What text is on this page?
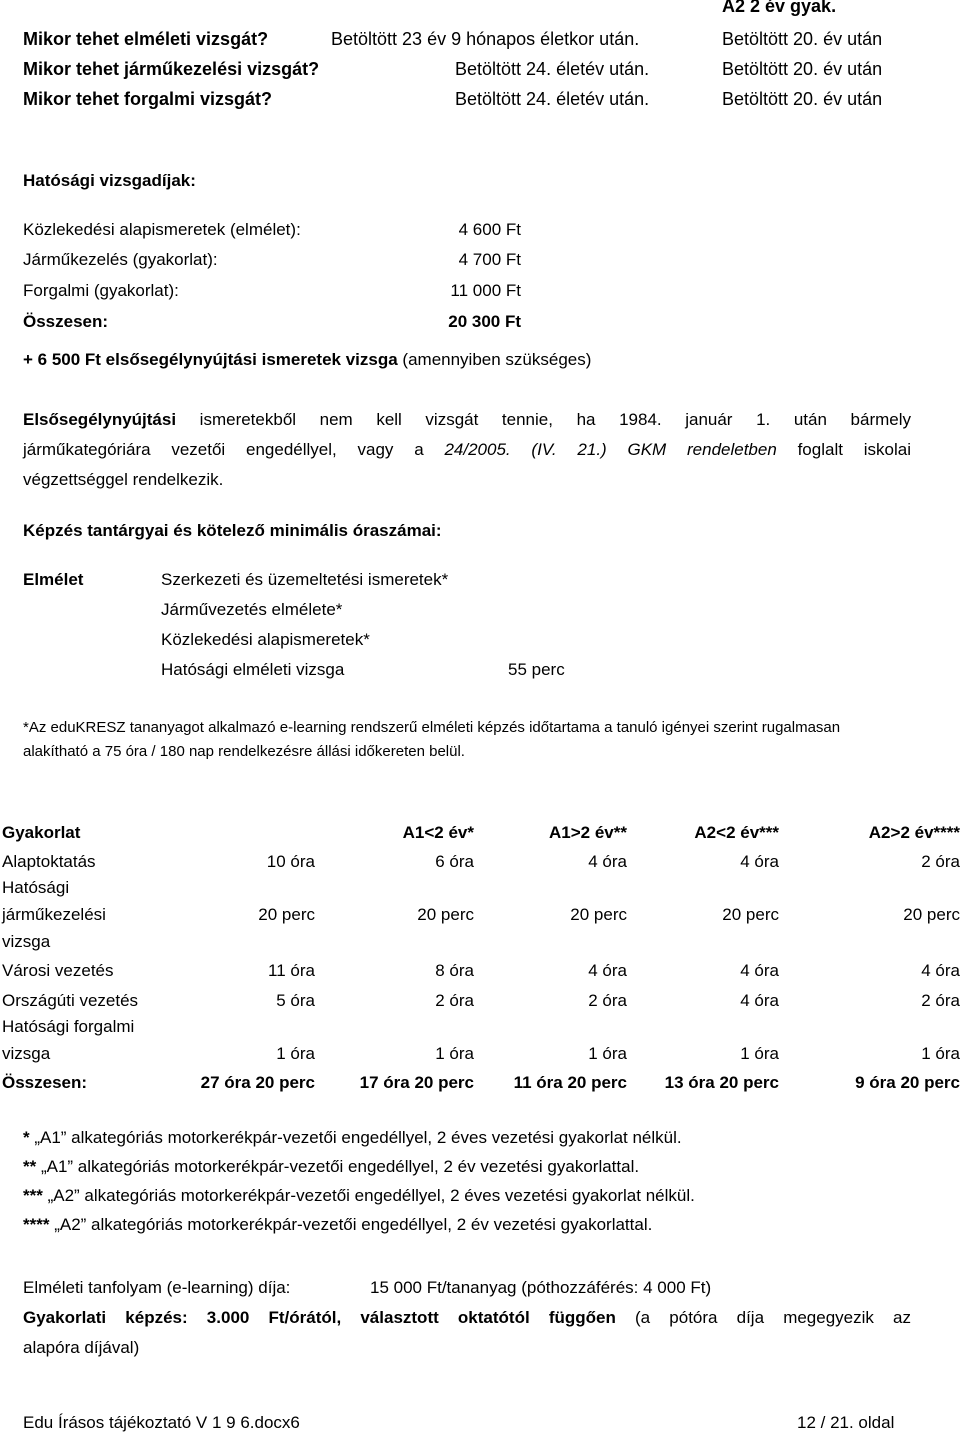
A2 2 év gyak.
Mikor tehet elméleti vizsgát?	Betöltött 23 év 9 hónapos életkor után.	Betöltött 20. év után
Mikor tehet járműkezelési vizsgát?	Betöltött 24. életév után.	Betöltött 20. év után
Mikor tehet forgalmi vizsgát?	Betöltött 24. életév után.	Betöltött 20. év után
Hatósági vizsgadíjak:
Közlekedési alapismeretek (elmélet):	4 600 Ft
Járműkezelés (gyakorlat):	4 700 Ft
Forgalmi (gyakorlat):	11 000 Ft
Összesen:	20 300 Ft
+ 6 500 Ft elsősegélynyújtási ismeretek vizsga (amennyiben szükséges)
Elsősegélynyújtási ismeretekből nem kell vizsgát tennie, ha 1984. január 1. után bármely
járműkategóriára vezetői engedéllyel, vagy a 24/2005. (IV. 21.) GKM rendeletben foglalt iskolai
végzettséggel rendelkezik.
Képzés tantárgyai és kötelező minimális óraszámai:
Elmélet	Szerkezeti és üzemeltetési ismeretek*
Járművezetés elmélete*
Közlekedési alapismeretek*
Hatósági elméleti vizsga	55 perc
*Az eduKRESZ tananyagot alkalmazó e-learning rendszerű elméleti képzés időtartama a tanuló igényei szerint rugalmasan
alakítható a 75 óra / 180 nap rendelkezésre állási időkereten belül.
Gyakorlat	A1<2 év*	A1>2 év**	A2<2 év***	A2>2 év****
Alaptoktatás	10 óra	6 óra	4 óra	4 óra	2 óra
Hatósági
járműkezelési
vizsga
20 perc	20 perc	20 perc	20 perc	20 perc
Városi vezetés	11 óra	8 óra	4 óra	4 óra	4 óra
Országúti vezetés	5 óra	2 óra	2 óra	4 óra	2 óra
Hatósági forgalmi
vizsga	1 óra	1 óra	1 óra	1 óra	1 óra
Összesen:	27 óra 20 perc	17 óra 20 perc 11 óra 20 perc 13 óra 20 perc	9 óra 20 perc
* „A1” alkategóriás motorkerékpár-vezetői engedéllyel, 2 éves vezetési gyakorlat nélkül.
** „A1” alkategóriás motorkerékpár-vezetői engedéllyel, 2 év vezetési gyakorlattal.
*** „A2” alkategóriás motorkerékpár-vezetői engedéllyel, 2 éves vezetési gyakorlat nélkül.
**** „A2” alkategóriás motorkerékpár-vezetői engedéllyel, 2 év vezetési gyakorlattal.
Elméleti tanfolyam (e-learning) díja:	15 000 Ft/tananyag (póthozzáférés: 4 000 Ft)
Gyakorlati képzés: 3.000 Ft/órától, választott oktatótól függően (a pótóra díja megegyezik az
alapóra díjával)
Edu Írásos tájékoztató V 1 9 6.docx6	12 / 21. oldal
